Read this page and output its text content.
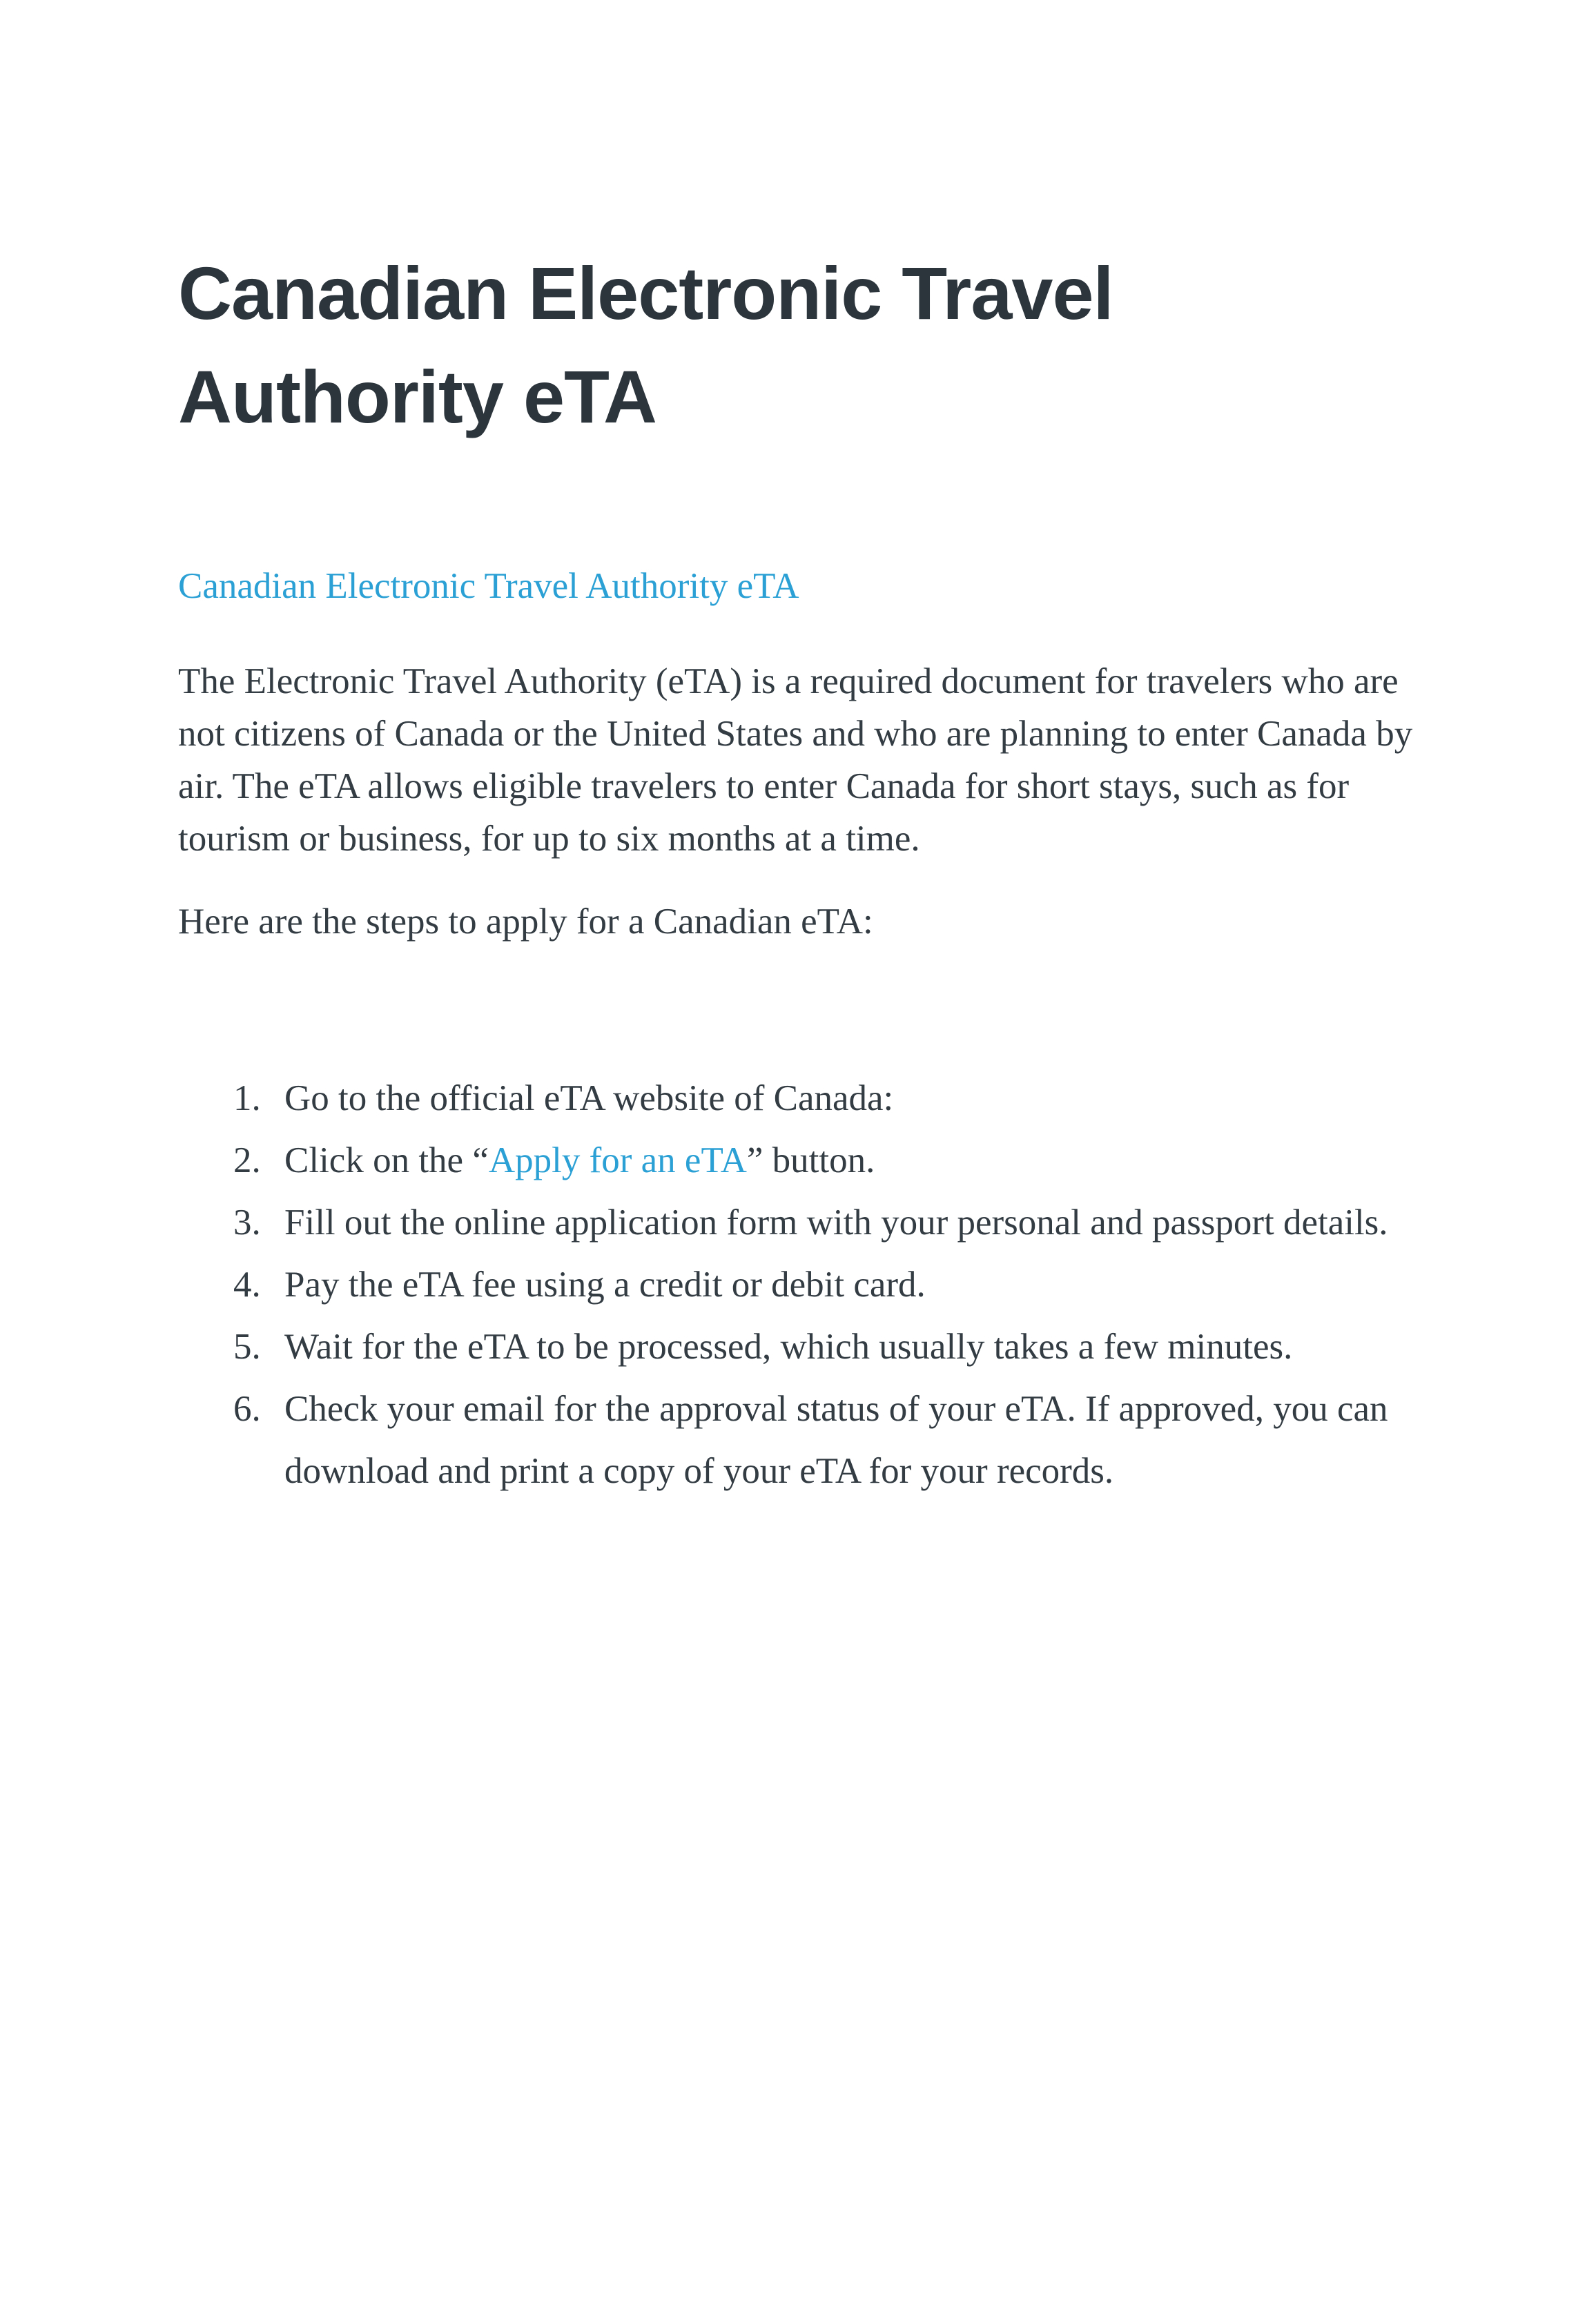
Canadian Electronic Travel Authority eTA

Canadian Electronic Travel Authority eTA

The Electronic Travel Authority (eTA) is a required document for travelers who are not citizens of Canada or the United States and who are planning to enter Canada by air. The eTA allows eligible travelers to enter Canada for short stays, such as for tourism or business, for up to six months at a time.

Here are the steps to apply for a Canadian eTA:

1. Go to the official eTA website of Canada:
2. Click on the “Apply for an eTA” button.
3. Fill out the online application form with your personal and passport details.
4. Pay the eTA fee using a credit or debit card.
5. Wait for the eTA to be processed, which usually takes a few minutes.
6. Check your email for the approval status of your eTA. If approved, you can download and print a copy of your eTA for your records.
